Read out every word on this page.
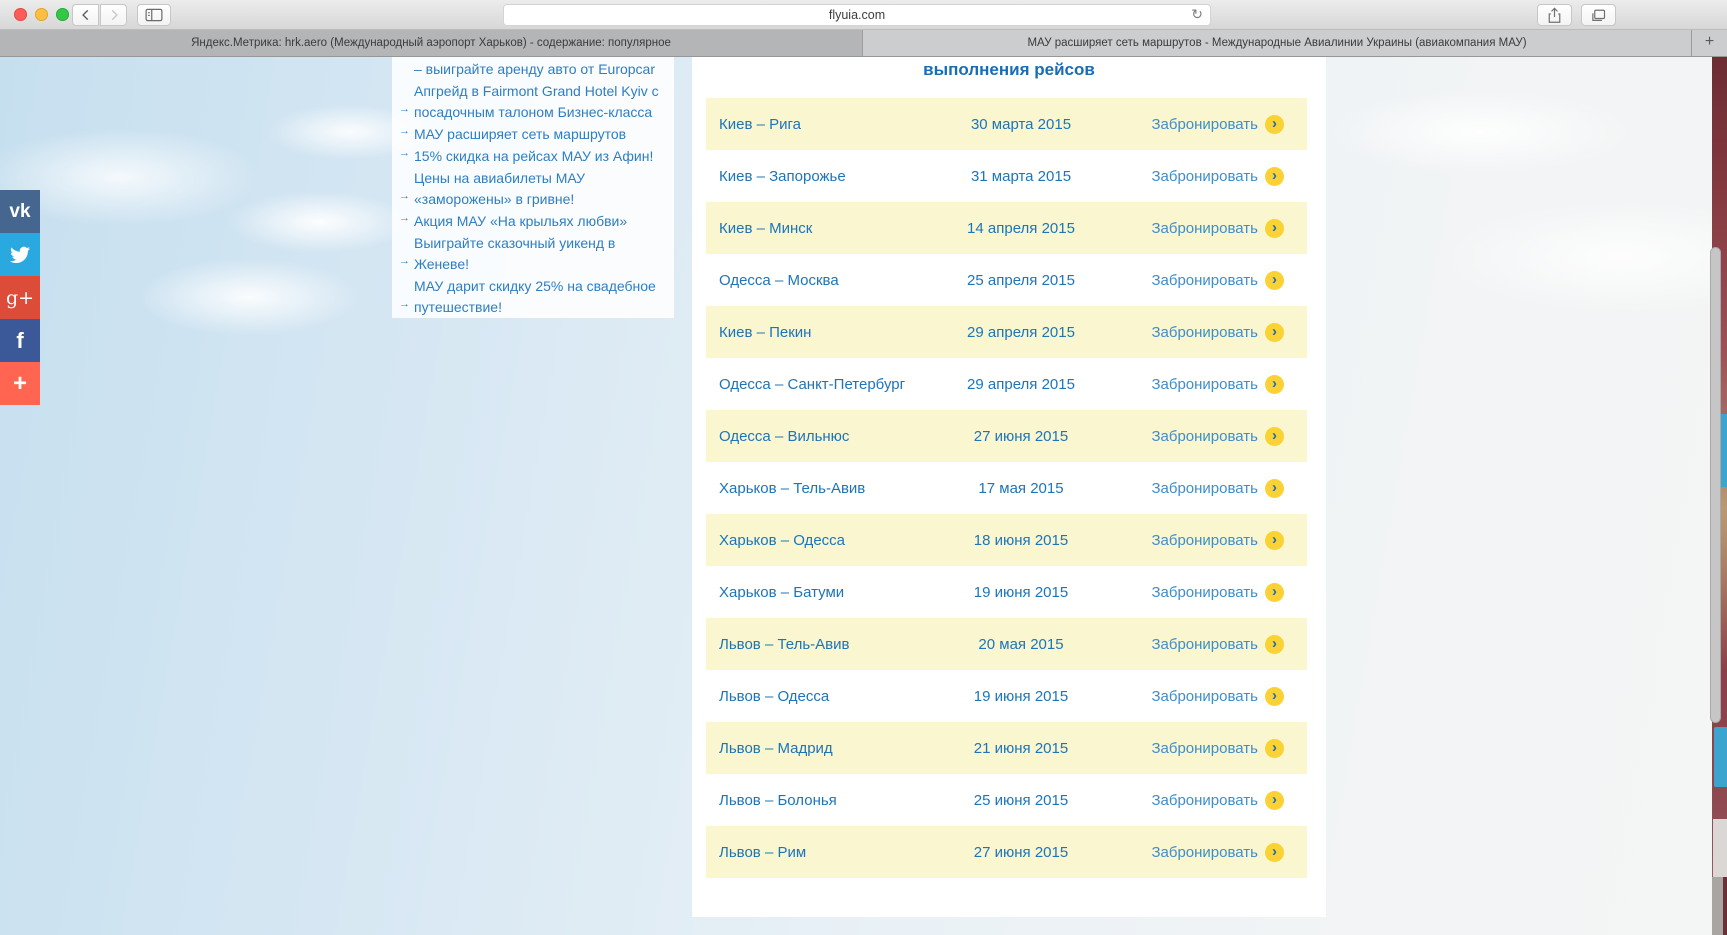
flyuia.com	↻
Яндекс.Метрика: hrk.aero (Международный аэропорт Харьков) - содержание: популярное	МАУ расширяет сеть маршрутов - Международные Авиалинии Украины (авиакомпания МАУ)	+
vk
g+
f
+
– выиграйте аренду авто от Europcar
→
Апгрейд в Fairmont Grand Hotel Kyiv с посадочным талоном Бизнес-класса
→ МАУ расширяет сеть маршрутов
→ 15% скидка на рейсах МАУ из Афин!
→
Цены на авиабилеты МАУ «заморожены» в гривне!
→ Акция МАУ «На крыльях любви»
→
Выиграйте сказочный уикенд в Женеве!
→
МАУ дарит скидку 25% на свадебное путешествие!
выполнения рейсов
Киев – Рига	30 марта 2015	Забронировать ›
Киев – Запорожье	31 марта 2015	Забронировать ›
Киев – Минск	14 апреля 2015	Забронировать ›
Одесса – Москва	25 апреля 2015	Забронировать ›
Киев – Пекин	29 апреля 2015	Забронировать ›
Одесса – Санкт-Петербург	29 апреля 2015	Забронировать ›
Одесса – Вильнюс	27 июня 2015	Забронировать ›
Харьков – Тель-Авив	17 мая 2015	Забронировать ›
Харьков – Одесса	18 июня 2015	Забронировать ›
Харьков – Батуми	19 июня 2015	Забронировать ›
Львов – Тель-Авив	20 мая 2015	Забронировать ›
Львов – Одесса	19 июня 2015	Забронировать ›
Львов – Мадрид	21 июня 2015	Забронировать ›
Львов – Болонья	25 июня 2015	Забронировать ›
Львов – Рим	27 июня 2015	Забронировать ›
